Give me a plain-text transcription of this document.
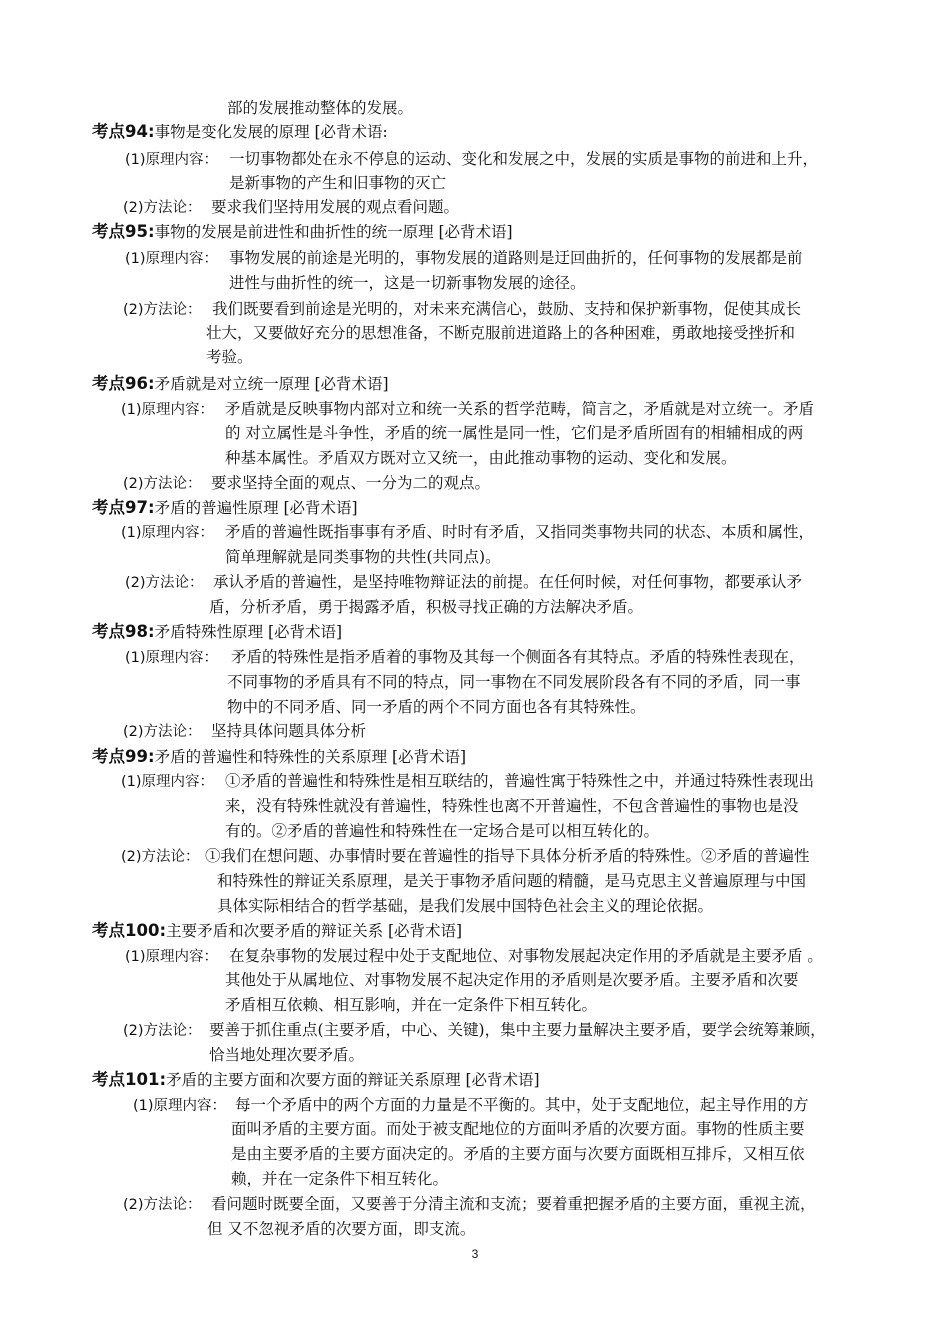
部的发展推动整体的发展。
考点94:事物是变化发展的原理 [必背术语:
(1)原理内容： 一切事物都处在永不停息的运动、变化和发展之中，发展的实质是事物的前进和上升，
是新事物的产生和旧事物的灭亡
(2)方法论： 要求我们坚持用发展的观点看问题。
考点95:事物的发展是前进性和曲折性的统一原理 [必背术语]
(1)原理内容： 事物发展的前途是光明的，事物发展的道路则是迂回曲折的，任何事物的发展都是前
进性与曲折性的统一，这是一切新事物发展的途径。
(2)方法论： 我们既要看到前途是光明的，对未来充满信心，鼓励、支持和保护新事物，促使其成长
壮大，又要做好充分的思想准备，不断克服前进道路上的各种困难，勇敢地接受挫折和
考验。
考点96:矛盾就是对立统一原理 [必背术语]
(1)原理内容： 矛盾就是反映事物内部对立和统一关系的哲学范畴，简言之，矛盾就是对立统一。矛盾
的 对立属性是斗争性，矛盾的统一属性是同一性，它们是矛盾所固有的相辅相成的两
种基本属性。矛盾双方既对立又统一，由此推动事物的运动、变化和发展。
(2)方法论： 要求坚持全面的观点、一分为二的观点。
考点97:矛盾的普遍性原理 [必背术语]
(1)原理内容： 矛盾的普遍性既指事事有矛盾、时时有矛盾，又指同类事物共同的状态、本质和属性，
简单理解就是同类事物的共性(共同点)。
(2)方法论： 承认矛盾的普遍性，是坚持唯物辩证法的前提。在任何时候，对任何事物，都要承认矛
盾，分析矛盾，勇于揭露矛盾，积极寻找正确的方法解决矛盾。
考点98:矛盾特殊性原理 [必背术语]
(1)原理内容： 矛盾的特殊性是指矛盾着的事物及其每一个侧面各有其特点。矛盾的特殊性表现在，
不同事物的矛盾具有不同的特点，同一事物在不同发展阶段各有不同的矛盾，同一事
物中的不同矛盾、同一矛盾的两个不同方面也各有其特殊性。
(2)方法论： 坚持具体问题具体分析
考点99:矛盾的普遍性和特殊性的关系原理 [必背术语]
(1)原理内容： ①矛盾的普遍性和特殊性是相互联结的，普遍性寓于特殊性之中，并通过特殊性表现出
来，没有特殊性就没有普遍性，特殊性也离不开普遍性，不包含普遍性的事物也是没
有的。②矛盾的普遍性和特殊性在一定场合是可以相互转化的。
(2)方法论： ①我们在想问题、办事情时要在普遍性的指导下具体分析矛盾的特殊性。②矛盾的普遍性
和特殊性的辩证关系原理，是关于事物矛盾问题的精髓，是马克思主义普遍原理与中国
具体实际相结合的哲学基础，是我们发展中国特色社会主义的理论依据。
考点100:主要矛盾和次要矛盾的辩证关系 [必背术语]
(1)原理内容： 在复杂事物的发展过程中处于支配地位、对事物发展起决定作用的矛盾就是主要矛盾 。
其他处于从属地位、对事物发展不起决定作用的矛盾则是次要矛盾。主要矛盾和次要
矛盾相互依赖、相互影响，并在一定条件下相互转化。
(2)方法论： 要善于抓住重点(主要矛盾，中心、关键)，集中主要力量解决主要矛盾，要学会统筹兼顾，
恰当地处理次要矛盾。
考点101:矛盾的主要方面和次要方面的辩证关系原理 [必背术语]
(1)原理内容： 每一个矛盾中的两个方面的力量是不平衡的。其中，处于支配地位，起主导作用的方
面叫矛盾的主要方面。而处于被支配地位的方面叫矛盾的次要方面。事物的性质主要
是由主要矛盾的主要方面决定的。矛盾的主要方面与次要方面既相互排斥，又相互依
赖，并在一定条件下相互转化。
(2)方法论： 看问题时既要全面，又要善于分清主流和支流；要着重把握矛盾的主要方面，重视主流，
但 又不忽视矛盾的次要方面，即支流。
3
